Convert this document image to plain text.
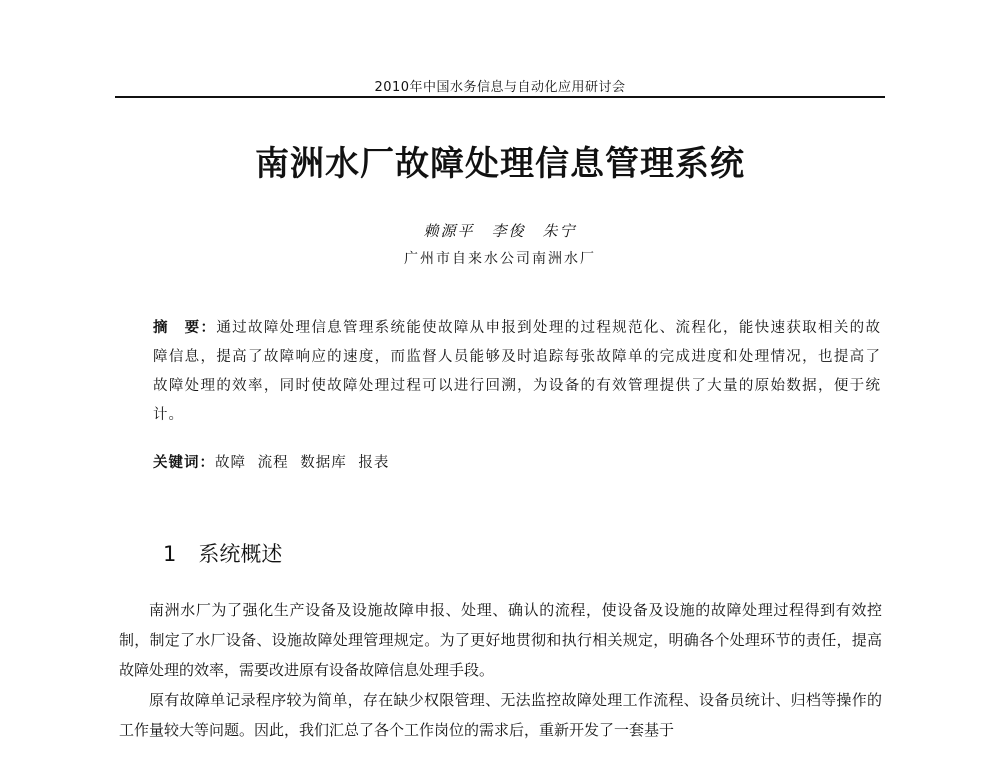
2010年中国水务信息与自动化应用研讨会
南洲水厂故障处理信息管理系统
赖源平　李俊　朱宁
广州市自来水公司南洲水厂
摘　要：通过故障处理信息管理系统能使故障从申报到处理的过程规范化、流程化，能快速获取相关的故障信息，提高了故障响应的速度，而监督人员能够及时追踪每张故障单的完成进度和处理情况，也提高了故障处理的效率，同时使故障处理过程可以进行回溯，为设备的有效管理提供了大量的原始数据，便于统计。
关键词：故障 流程 数据库 报表
1 系统概述

南洲水厂为了强化生产设备及设施故障申报、处理、确认的流程，使设备及设施的故障处理过程得到有效控制，制定了水厂设备、设施故障处理管理规定。为了更好地贯彻和执行相关规定，明确各个处理环节的责任，提高故障处理的效率，需要改进原有设备故障信息处理手段。

原有故障单记录程序较为简单，存在缺少权限管理、无法监控故障处理工作流程、设备员统计、归档等操作的工作量较大等问题。因此，我们汇总了各个工作岗位的需求后，重新开发了一套基于
